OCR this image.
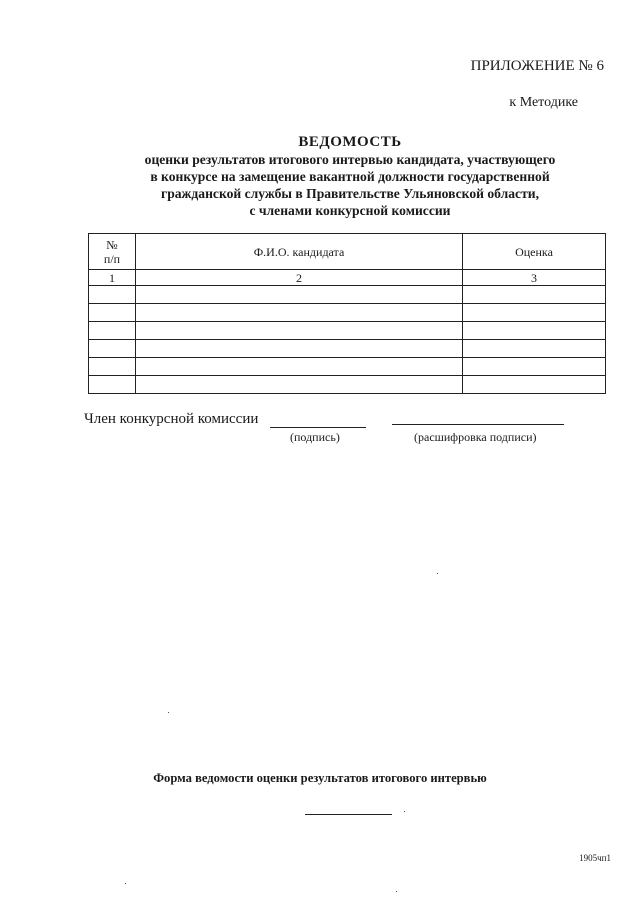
ПРИЛОЖЕНИЕ № 6
к Методике
ВЕДОМОСТЬ
оценки результатов итогового интервью кандидата, участвующего
в конкурсе на замещение вакантной должности государственной
гражданской службы в Правительстве Ульяновской области,
с членами конкурсной комиссии
№
п/п	Ф.И.О. кандидата	Оценка
1	2	3

Член конкурсной комиссии
(подпись)	(расшифровка подписи)
Форма ведомости оценки результатов итогового интервью
1905чп1
